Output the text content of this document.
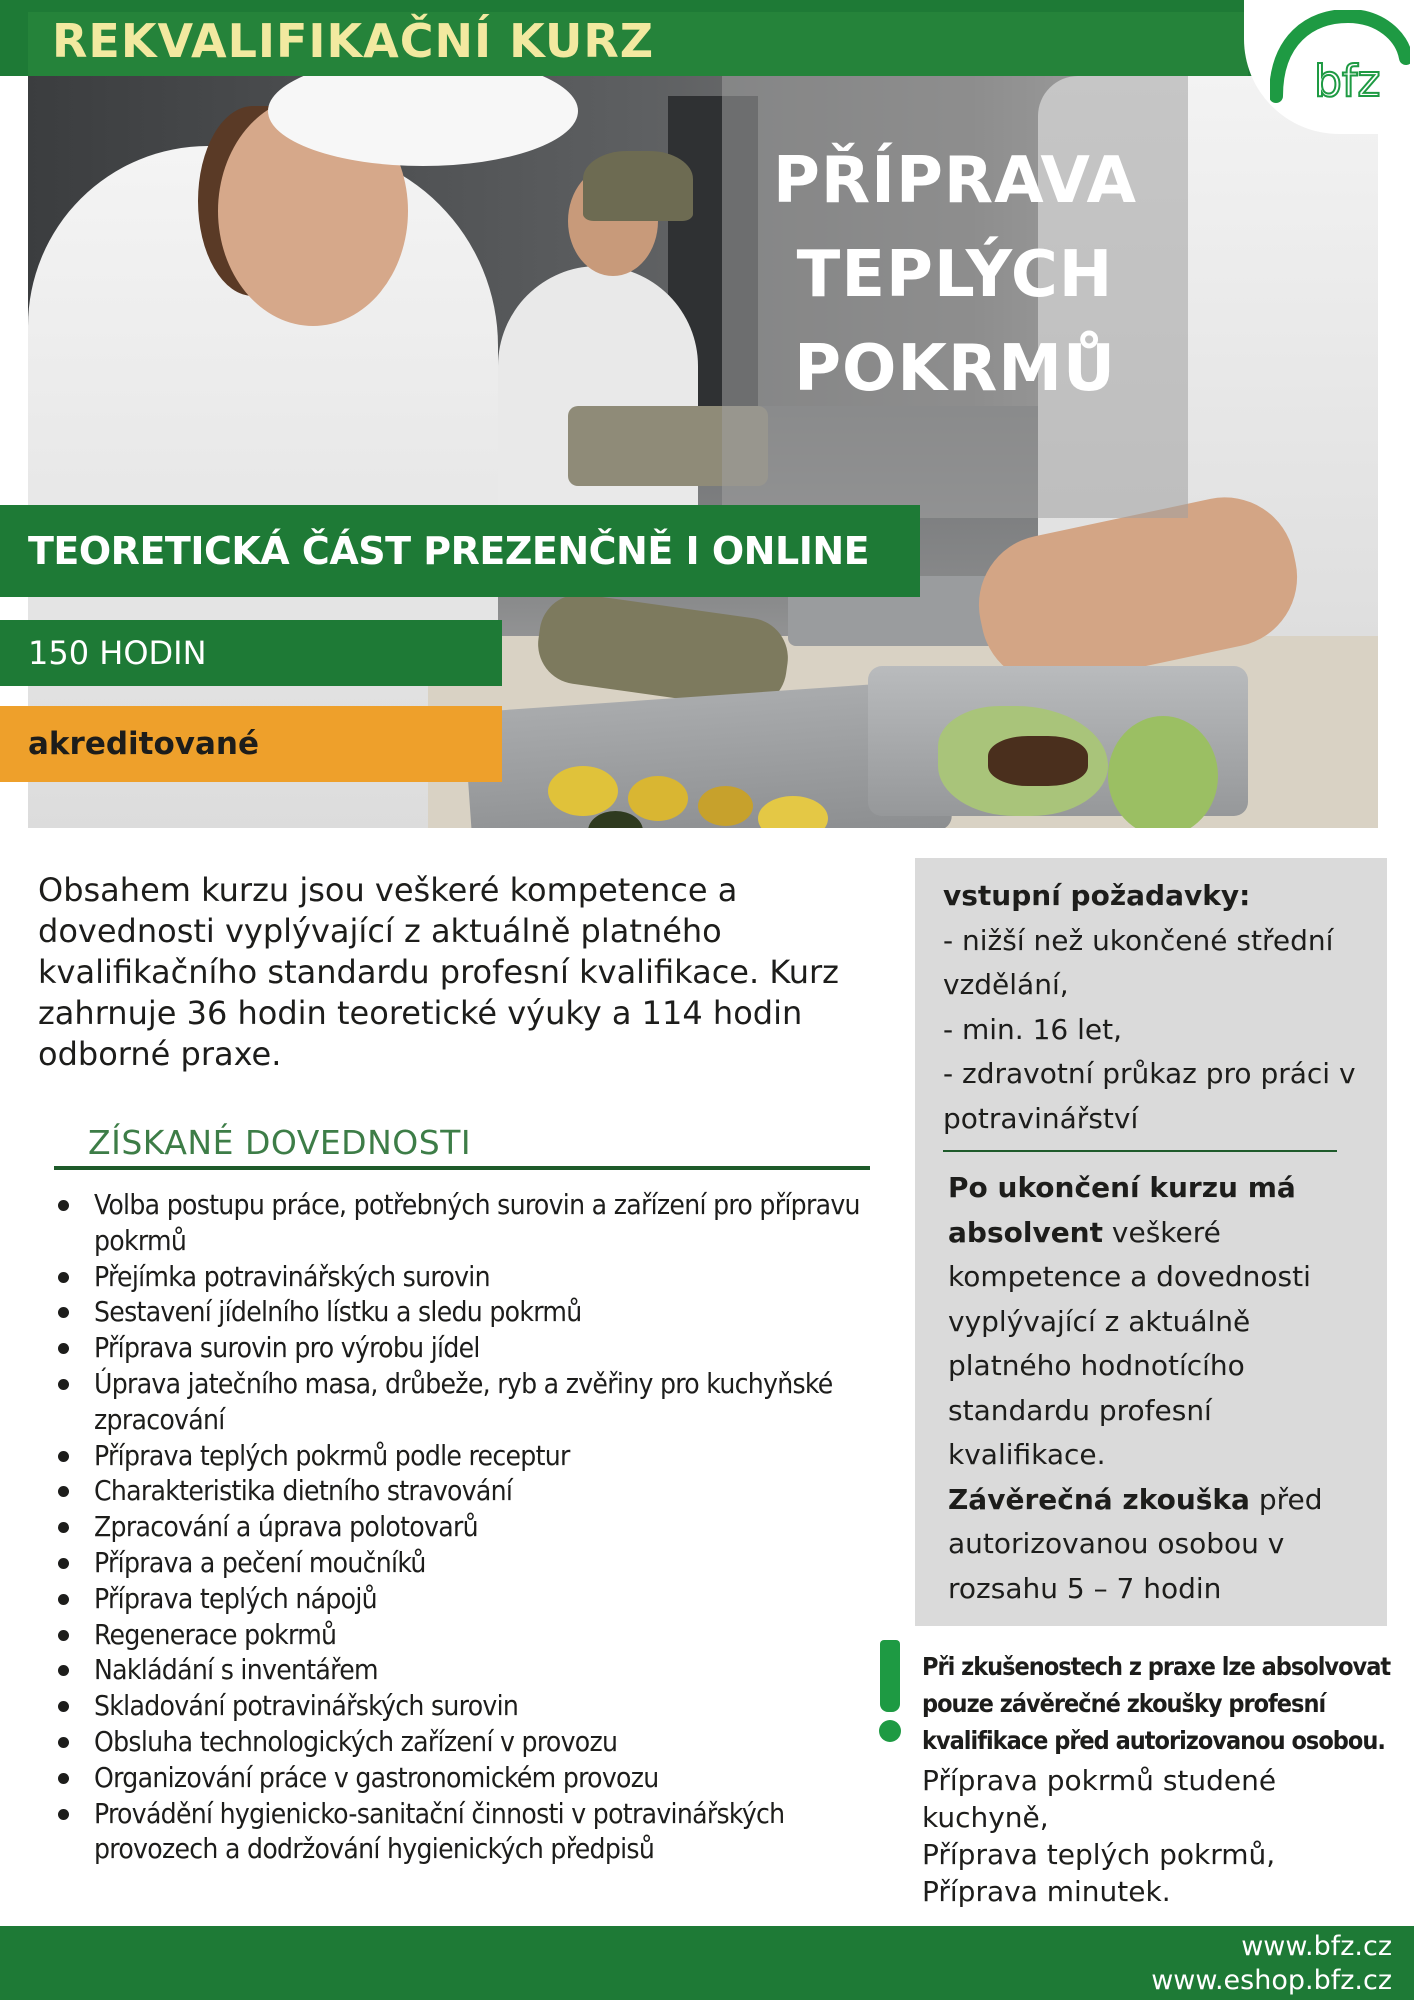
REKVALIFIKAČNÍ KURZ
bfz
PŘÍPRAVA
TEPLÝCH
POKRMŮ
TEORETICKÁ ČÁST PREZENČNĚ I ONLINE
150 HODIN
akreditované

Obsahem kurzu jsou veškeré kompetence a dovednosti vyplývající z aktuálně platného kvalifikačního standardu profesní kvalifikace. Kurz zahrnuje 36 hodin teoretické výuky a 114 hodin odborné praxe.

ZÍSKANÉ DOVEDNOSTI
Volba postupu práce, potřebných surovin a zařízení pro přípravu pokrmů
Přejímka potravinářských surovin
Sestavení jídelního lístku a sledu pokrmů
Příprava surovin pro výrobu jídel
Úprava jatečního masa, drůbeže, ryb a zvěřiny pro kuchyňské zpracování
Příprava teplých pokrmů podle receptur
Charakteristika dietního stravování
Zpracování a úprava polotovarů
Příprava a pečení moučníků
Příprava teplých nápojů
Regenerace pokrmů
Nakládání s inventářem
Skladování potravinářských surovin
Obsluha technologických zařízení v provozu
Organizování práce v gastronomickém provozu
Provádění hygienicko-sanitační činnosti v potravinářských provozech a dodržování hygienických předpisů
vstupní požadavky:
- nižší než ukončené střední vzdělání,
- min. 16 let,
- zdravotní průkaz pro práci v potravinářství
Po ukončení kurzu má absolvent veškeré kompetence a dovednosti vyplývající z aktuálně platného hodnotícího standardu profesní kvalifikace.
Závěrečná zkouška před autorizovanou osobou v rozsahu 5 – 7 hodin
Při zkušenostech z praxe lze absolvovat pouze závěrečné zkoušky profesní kvalifikace před autorizovanou osobou.
Příprava pokrmů studené
kuchyně,
Příprava teplých pokrmů,
Příprava minutek.
www.bfz.cz
www.eshop.bfz.cz
